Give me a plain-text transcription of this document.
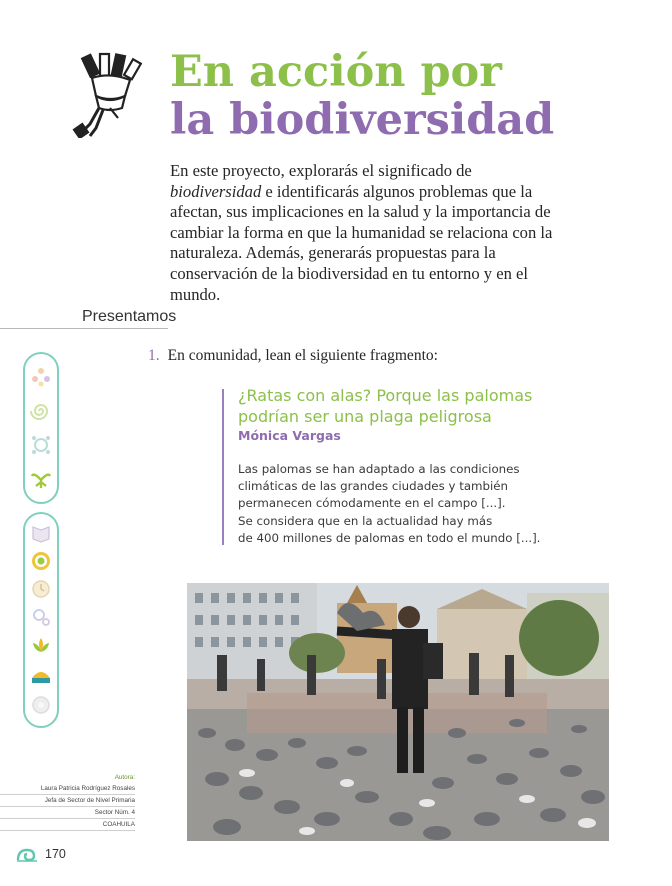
En acción por
la biodiversidad

En este proyecto, explorarás el significado de biodiversidad e identificarás algunos problemas que la afectan, sus implicaciones en la salud y la importancia de cambiar la forma en que la humanidad se relaciona con la naturaleza. Además, generarás propuestas para la conservación de la biodiversidad en tu entorno y en el mundo.

Presentamos
1. En comunidad, lean el siguiente fragmento:
¿Ratas con alas? Porque las palomas
podrían ser una plaga peligrosa
Mónica Vargas
Las palomas se han adaptado a las condiciones
climáticas de las grandes ciudades y también
permanecen cómodamente en el campo [...].
Se considera que en la actualidad hay más
de 400 millones de palomas en todo el mundo [...].
Autora:
Laura Patricia Rodríguez Rosales
Jefa de Sector de Nivel Primaria
Sector Núm. 4
COAHUILA
170
